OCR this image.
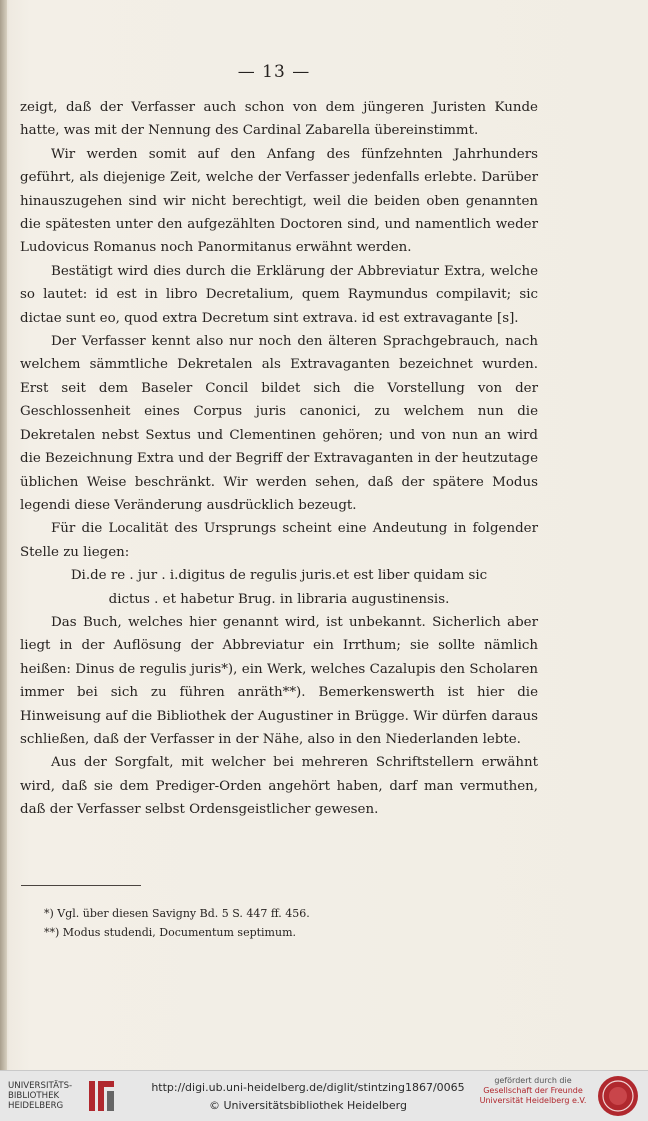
— 13 —

zeigt, daß der Verfasser auch schon von dem jüngeren Juristen Kunde hatte, was mit der Nennung des Cardinal Zabarella übereinstimmt.

Wir werden somit auf den Anfang des fünfzehnten Jahrhunders geführt, als diejenige Zeit, welche der Verfasser jedenfalls erlebte. Darüber hinauszugehen sind wir nicht berechtigt, weil die beiden oben genannten die spätesten unter den aufgezählten Doctoren sind, und namentlich weder Ludovicus Romanus noch Panormitanus erwähnt werden.

Bestätigt wird dies durch die Erklärung der Abbreviatur Extra, welche so lautet: id est in libro Decretalium, quem Raymundus compilavit; sic dictae sunt eo, quod extra Decretum sint extrava. id est extravagante [s].

Der Verfasser kennt also nur noch den älteren Sprachgebrauch, nach welchem sämmtliche Dekretalen als Extravaganten bezeichnet wurden. Erst seit dem Baseler Concil bildet sich die Vorstellung von der Geschlossenheit eines Corpus juris canonici, zu welchem nun die Dekretalen nebst Sextus und Clementinen gehören; und von nun an wird die Bezeichnung Extra und der Begriff der Extravaganten in der heutzutage üblichen Weise beschränkt. Wir werden sehen, daß der spätere Modus legendi diese Veränderung ausdrücklich bezeugt.

Für die Localität des Ursprungs scheint eine Andeutung in folgender Stelle zu liegen:

Di.de re . jur . i.digitus de regulis juris.et est liber quidam sic

dictus . et habetur Brug. in libraria augustinensis.

Das Buch, welches hier genannt wird, ist unbekannt. Sicherlich aber liegt in der Auflösung der Abbreviatur ein Irrthum; sie sollte nämlich heißen: Dinus de regulis juris*), ein Werk, welches Cazalupis den Scholaren immer bei sich zu führen anräth**). Bemerkenswerth ist hier die Hinweisung auf die Bibliothek der Augustiner in Brügge. Wir dürfen daraus schließen, daß der Verfasser in der Nähe, also in den Niederlanden lebte.

Aus der Sorgfalt, mit welcher bei mehreren Schriftstellern erwähnt wird, daß sie dem Prediger-Orden angehört haben, darf man vermuthen, daß der Verfasser selbst Ordensgeistlicher gewesen.

*) Vgl. über diesen Savigny Bd. 5 S. 447 ff. 456.
**) Modus studendi, Documentum septimum.
UNIVERSITÄTS-
BIBLIOTHEK
HEIDELBERG
http://digi.ub.uni-heidelberg.de/diglit/stintzing1867/0065
© Universitätsbibliothek Heidelberg
gefördert durch die
Gesellschaft der Freunde
Universität Heidelberg e.V.
